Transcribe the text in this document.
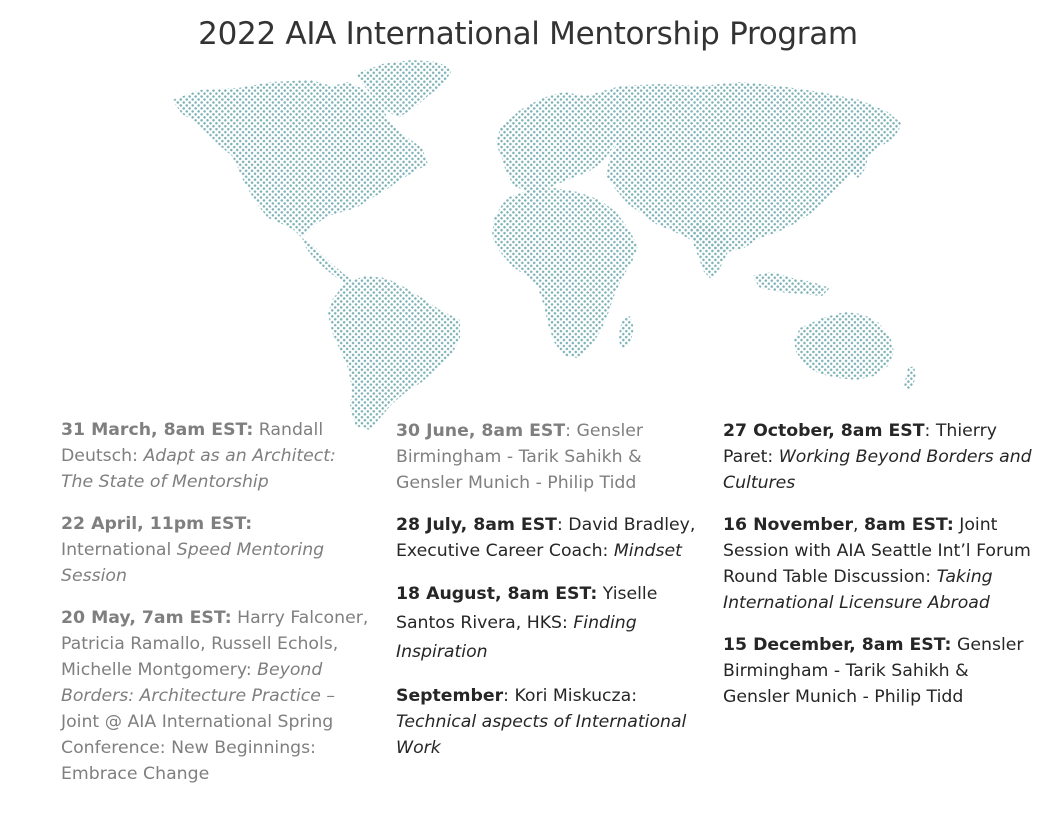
2022 AIA International Mentorship Program
31 March, 8am EST: Randall Deutsch: Adapt as an Architect: The State of Mentorship
22 April, 11pm EST:  International Speed Mentoring Session
20 May, 7am EST: Harry Falconer, Patricia Ramallo, Russell Echols, Michelle Montgomery: Beyond Borders: Architecture Practice – Joint @ AIA International Spring Conference: New Beginnings: Embrace Change
30 June, 8am EST: Gensler Birmingham - Tarik Sahikh & Gensler Munich - Philip Tidd
28 July, 8am EST: David Bradley, Executive Career Coach: Mindset
18 August, 8am EST: Yiselle Santos Rivera, HKS: Finding Inspiration
September: Kori Miskucza: Technical aspects of International Work
27 October, 8am EST: Thierry Paret: Working Beyond Borders and Cultures
16 November, 8am EST: Joint Session with AIA Seattle Int’l Forum Round Table Discussion: Taking International Licensure Abroad
15 December, 8am EST: Gensler Birmingham - Tarik Sahikh & Gensler Munich - Philip Tidd
